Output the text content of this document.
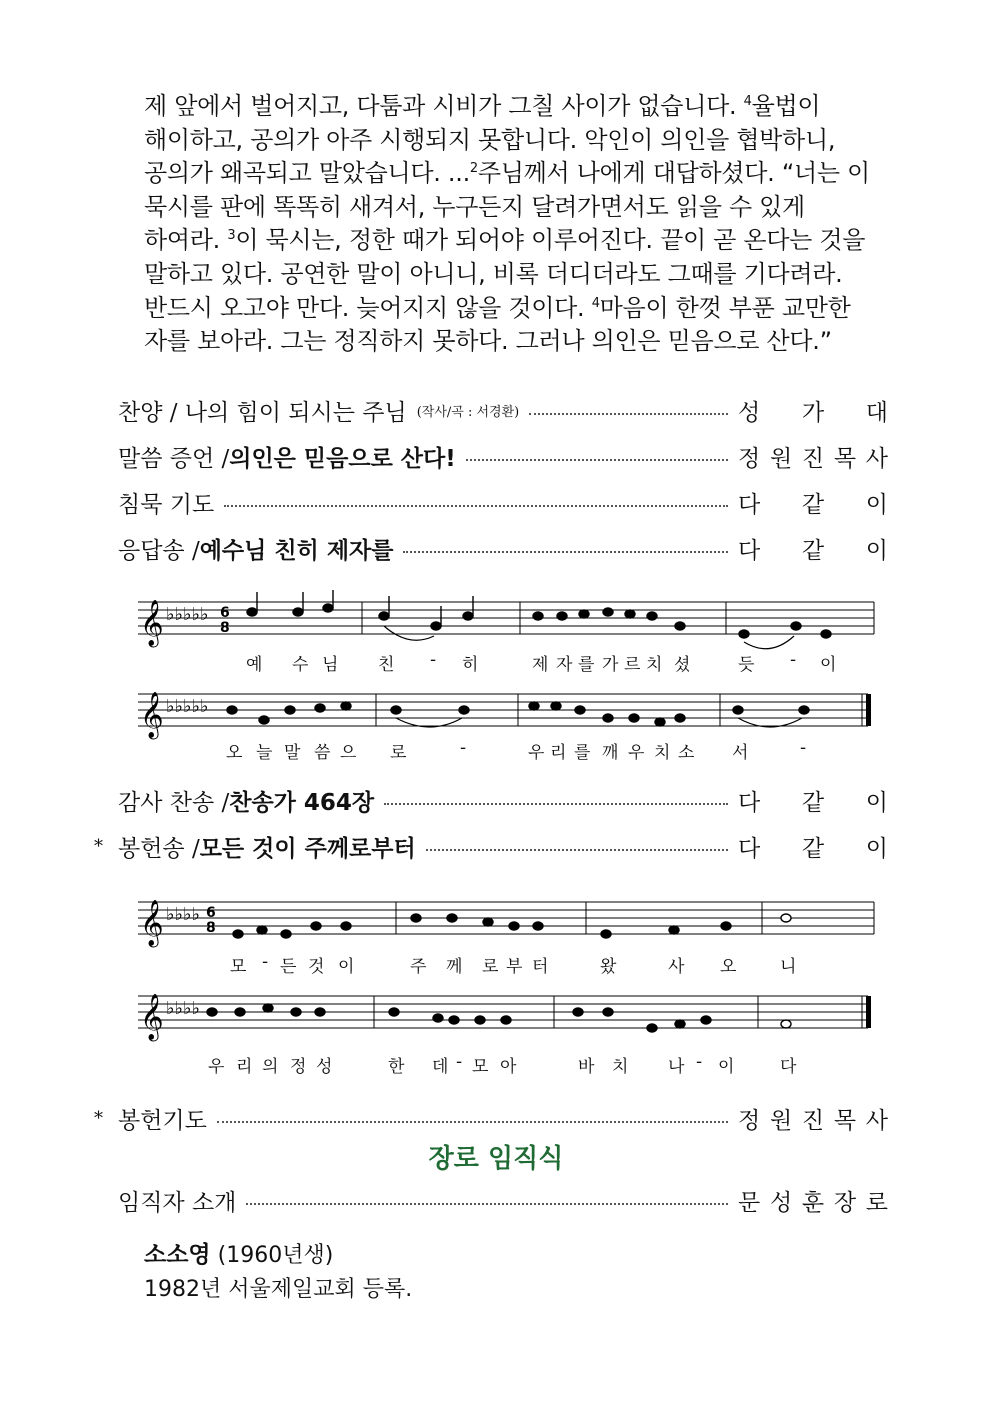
제 앞에서 벌어지고, 다툼과 시비가 그칠 사이가 없습니다. $^4$율법이

해이하고, 공의가 아주 시행되지 못합니다. 악인이 의인을 협박하니,

공의가 왜곡되고 말았습니다. ...$^2$주님께서 나에게 대답하셨다. “너는 이

묵시를 판에 똑똑히 새겨서, 누구든지 달려가면서도 읽을 수 있게

하여라. $^3$이 묵시는, 정한 때가 되어야 이루어진다. 끝이 곧 온다는 것을

말하고 있다. 공연한 말이 아니니, 비록 더디더라도 그때를 기다려라.

반드시 오고야 만다. 늦어지지 않을 것이다. $^4$마음이 한껏 부푼 교만한

자를 보아라. 그는 정직하지 못하다. 그러나 의인은 믿음으로 산다.”

찬양 / 나의 힘이 되시는 주님 (작사/곡 : 서경환)	성 가 대
말씀 증언 / 의인은 믿음으로 산다!	정 원 진 목 사
침묵 기도	다 같 이
응답송 / 예수님 친히 제자를	다 같 이
𝄞
𝄞
♭♭♭♭♭
♭♭♭♭♭
6
8
예 수 님 친 - 히	제 자 를 가 르 치 셨	듯 - 이
오 늘 말 씀 으 로	-	우 리 를 깨 우 치 소 서	-
감사 찬송 / 찬송가 464장	다 같 이
* 봉헌송 / 모든 것이 주께로부터	다 같 이
𝄞
𝄞
♭♭♭♭
♭♭♭♭
6
8
모 - 든 것 이	주 께 로 부 터	왔	사 오	니
우 리 의 정 성	한 데 - 모 아	바 치 나 - 이	다
* 봉헌기도	정 원 진 목 사
장로 임직식
임직자 소개	문 성 훈 장 로
소소영 (1960년생)
1982년 서울제일교회 등록.
